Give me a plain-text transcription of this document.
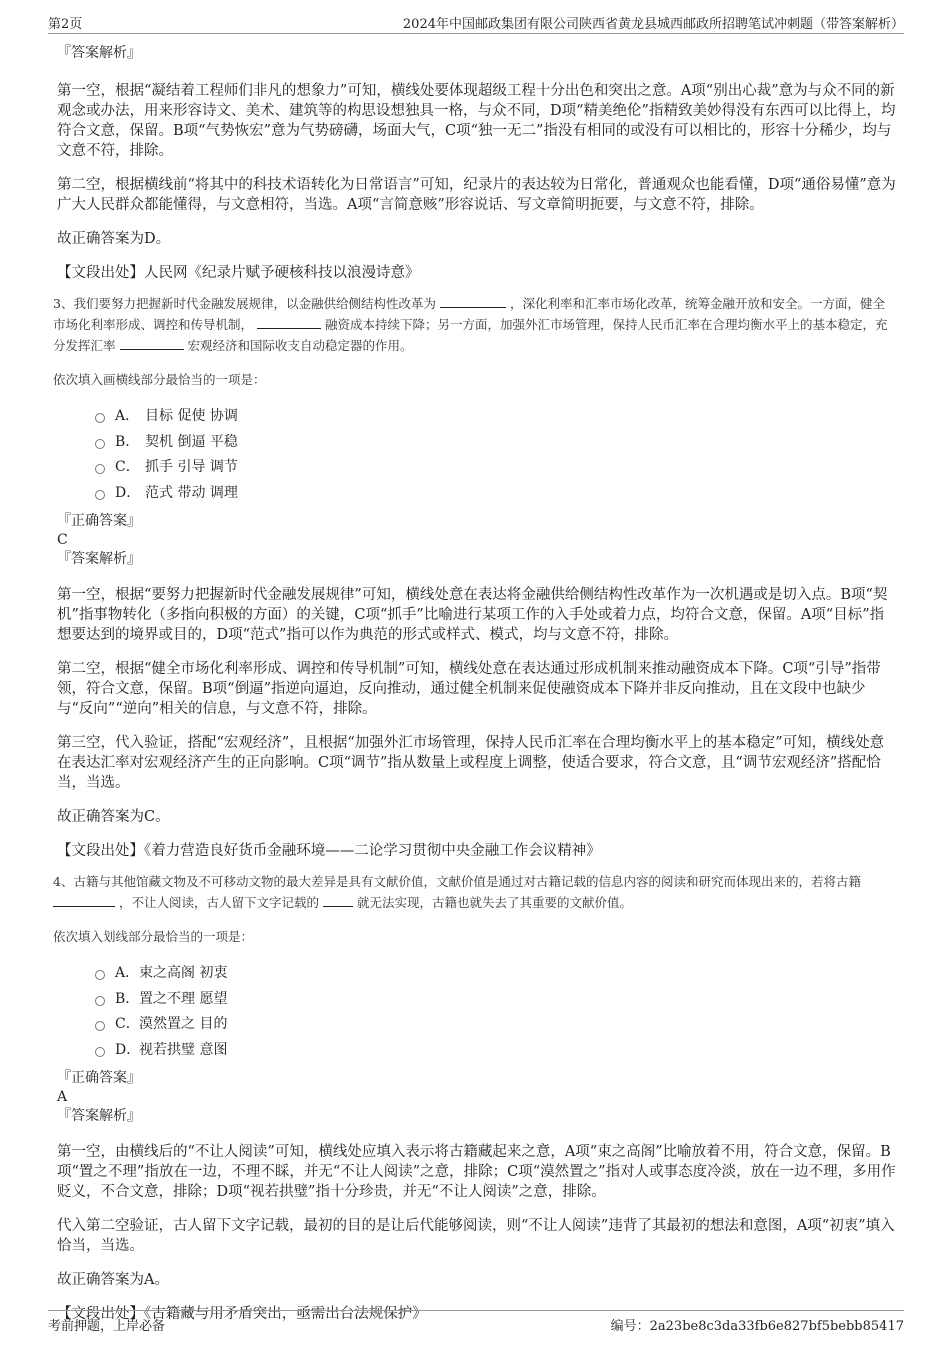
第2页	2024年中国邮政集团有限公司陕西省黄龙县城西邮政所招聘笔试冲刺题（带答案解析）
『答案解析』

第一空，根据“凝结着工程师们非凡的想象力”可知，横线处要体现超级工程十分出色和突出之意。A项“别出心裁”意为与众不同的新观念或办法，用来形容诗文、美术、建筑等的构思设想独具一格，与众不同，D项“精美绝伦”指精致美妙得没有东西可以比得上，均符合文意，保留。B项“气势恢宏”意为气势磅礴，场面大气，C项“独一无二”指没有相同的或没有可以相比的，形容十分稀少，均与文意不符，排除。

第二空，根据横线前“将其中的科技术语转化为日常语言”可知，纪录片的表达较为日常化，普通观众也能看懂，D项“通俗易懂”意为广大人民群众都能懂得，与文意相符，当选。A项“言简意赅”形容说话、写文章简明扼要，与文意不符，排除。

故正确答案为D。

【文段出处】人民网《纪录片赋予硬核科技以浪漫诗意》

3、我们要努力把握新时代金融发展规律，以金融供给侧结构性改革为	，深化利率和汇率市场化改革，统筹金融开放和安全。一方面，健全市场化利率形成、调控和传导机制，	融资成本持续下降；另一方面，加强外汇市场管理，保持人民币汇率在合理均衡水平上的基本稳定，充分发挥汇率	宏观经济和国际收支自动稳定器的作用。

依次填入画横线部分最恰当的一项是：

A． 目标 促使 协调
B． 契机 倒逼 平稳
C． 抓手 引导 调节
D． 范式 带动 调理
『正确答案』
C
『答案解析』

第一空，根据“要努力把握新时代金融发展规律”可知，横线处意在表达将金融供给侧结构性改革作为一次机遇或是切入点。B项“契机”指事物转化（多指向积极的方面）的关键，C项“抓手”比喻进行某项工作的入手处或着力点，均符合文意，保留。A项“目标”指想要达到的境界或目的，D项“范式”指可以作为典范的形式或样式、模式，均与文意不符，排除。

第二空，根据“健全市场化利率形成、调控和传导机制”可知，横线处意在表达通过形成机制来推动融资成本下降。C项“引导”指带领，符合文意，保留。B项“倒逼”指逆向逼迫，反向推动，通过健全机制来促使融资成本下降并非反向推动，且在文段中也缺少与“反向”“逆向”相关的信息，与文意不符，排除。

第三空，代入验证，搭配“宏观经济”，且根据“加强外汇市场管理，保持人民币汇率在合理均衡水平上的基本稳定”可知，横线处意在表达汇率对宏观经济产生的正向影响。C项“调节”指从数量上或程度上调整，使适合要求，符合文意，且“调节宏观经济”搭配恰当，当选。

故正确答案为C。

【文段出处】《着力营造良好货币金融环境——二论学习贯彻中央金融工作会议精神》

4、古籍与其他馆藏文物及不可移动文物的最大差异是具有文献价值，文献价值是通过对古籍记载的信息内容的阅读和研究而体现出来的，若将古籍  ，不让人阅读，古人留下文字记载的	就无法实现，古籍也就失去了其重要的文献价值。

依次填入划线部分最恰当的一项是：

A． 束之高阁 初衷
B． 置之不理 愿望
C． 漠然置之 目的
D．
视若拱璧 意图
『正确答案』
A
『答案解析』

第一空，由横线后的“不让人阅读”可知，横线处应填入表示将古籍藏起来之意，A项“束之高阁”比喻放着不用，符合文意，保留。B项“置之不理”指放在一边，不理不睬，并无“不让人阅读”之意，排除；C项“漠然置之”指对人或事态度冷淡，放在一边不理，多用作贬义，不合文意，排除；D项“视若拱璧”指十分珍贵，并无“不让人阅读”之意，排除。

代入第二空验证，古人留下文字记载，最初的目的是让后代能够阅读，则“不让人阅读”违背了其最初的想法和意图，A项“初衷”填入恰当，当选。

故正确答案为A。

【文段出处】《古籍藏与用矛盾突出，亟需出台法规保护》

考前押题，上岸必备	编号：2a23be8c3da33fb6e827bf5bebb85417
